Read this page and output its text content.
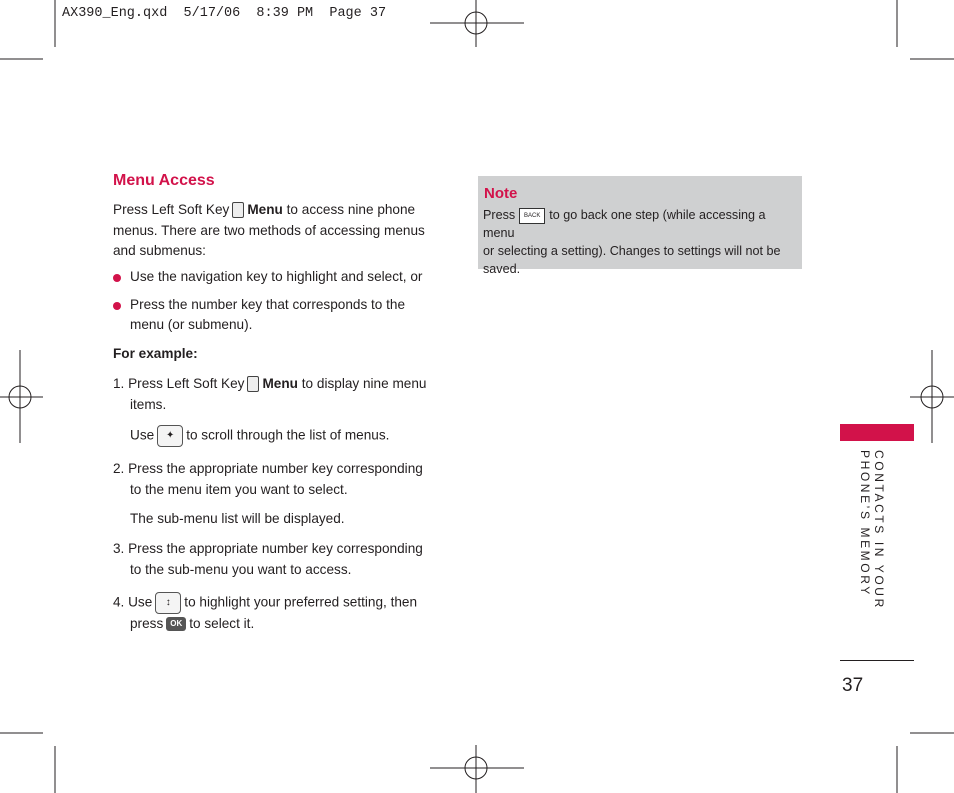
AX390_Eng.qxd  5/17/06  8:39 PM  Page 37
Menu Access
Press Left Soft Key Menu to access nine phone
menus. There are two methods of accessing menus
and submenus:
Use the navigation key to highlight and select, or
Press the number key that corresponds to the
menu (or submenu).
For example:
1. Press Left Soft Key Menu to display nine menu
items.
Use ✦ to scroll through the list of menus.
2. Press the appropriate number key corresponding
to the menu item you want to select.
The sub-menu list will be displayed.
3. Press the appropriate number key corresponding
to the sub-menu you want to access.
4. Use ↕ to highlight your preferred setting, then
press OK to select it.
Note
Press BACK to go back one step (while accessing a menu
or selecting a setting). Changes to settings will not be
saved.
CONTACTS IN YOUR
PHONE’S MEMORY
37
